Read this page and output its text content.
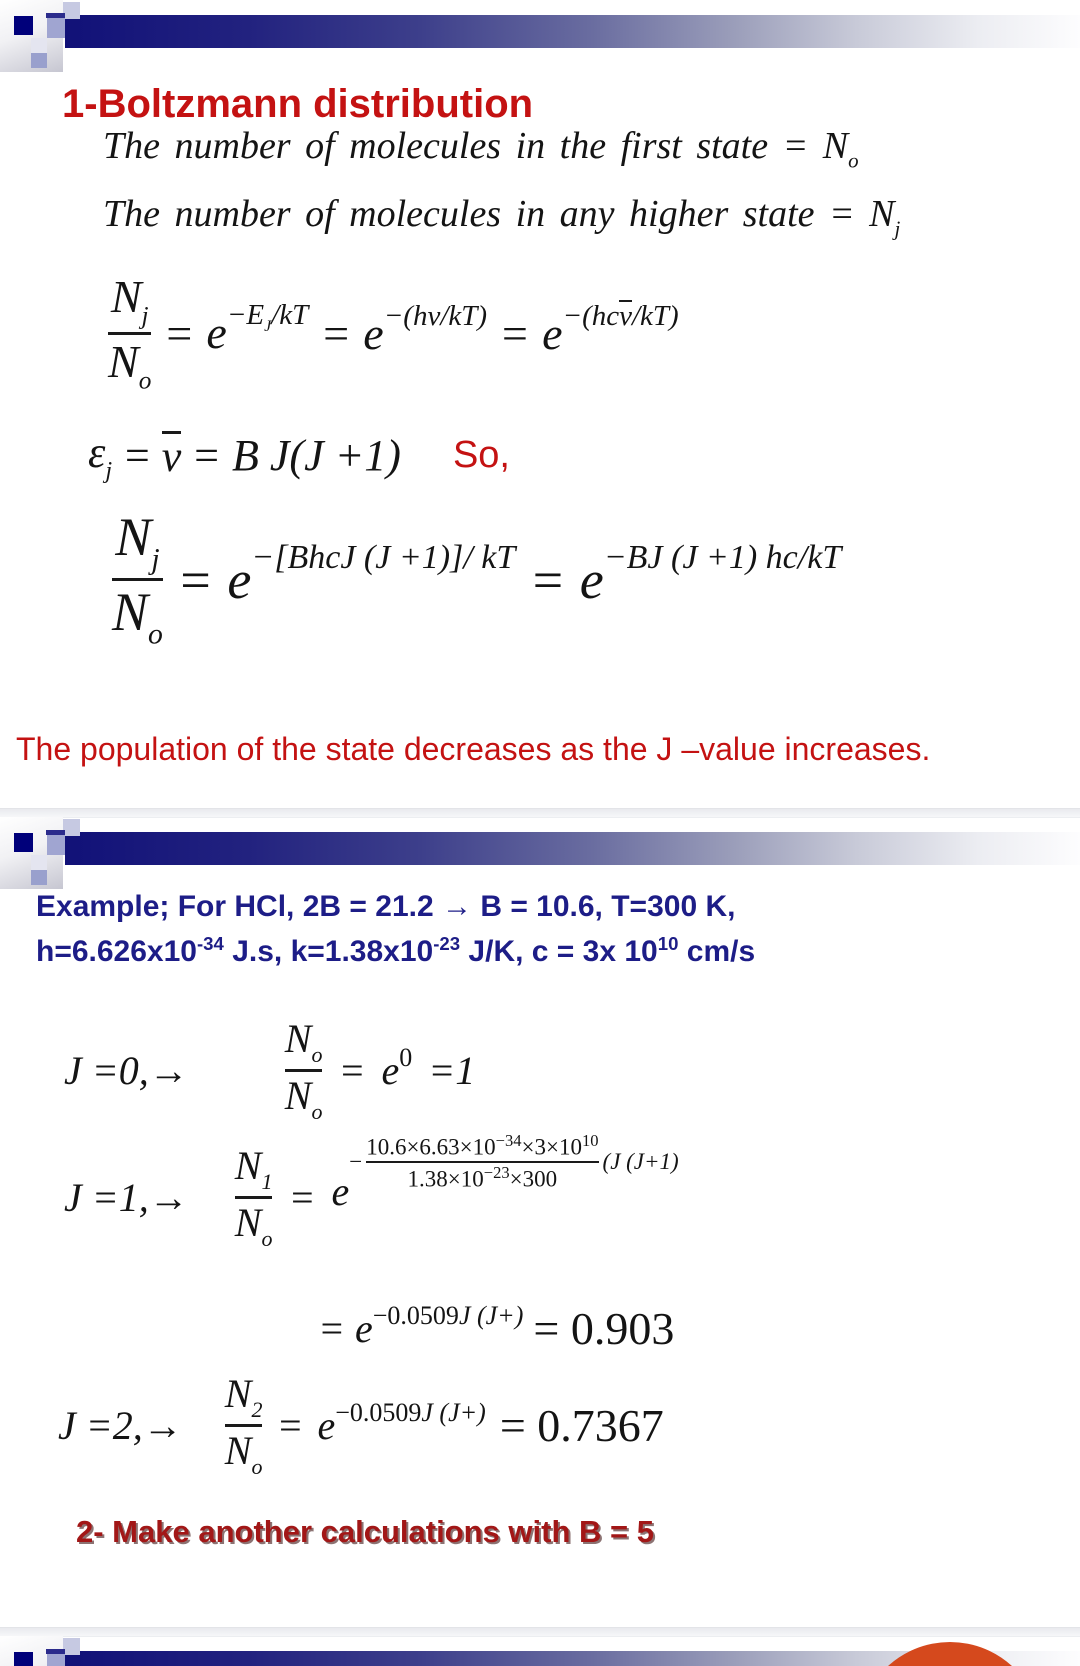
1-Boltzmann distribution
The number of molecules in the first state = $N_o$
The number of molecules in any higher state = $N_j$
$\frac{N_j}{N_o} = e-E_J/kT = e-(h\nu/kT) = e-(hc\nu/kT)$
$\varepsilon_j = \nu = B$ J(J +1) So,
$\frac{N_j}{N_o}$ = e−[BhcJ (J +1)]/ kT = e−BJ (J +1) hc/kT
The population of the state decreases as the J –value increases.
Example; For HCl, 2B = 21.2 → B = 10.6, T=300 K,
$h=6.626x10^{-34}$ J.s, $k=1.38x10^{-23}$ J/K, c = 3x $10^{10}$ cm/s
$J =0,\to \frac{N_o}{N_o} = e0 =1$
$J =1,\to \frac{N_1}{N_o} = e$
−
$10.6\times 6.63\times 10^{-34}\times 3\times 10^{10}$
$1.38\times 10^{-23}\times 300$
(J (J+1)
= e−0.0509J (J+) = 0.903
$J =2,\to \frac{N_2}{N_o} = e-0.0509J$ (J+) = 0.7367
2- Make another calculations with B = 5
